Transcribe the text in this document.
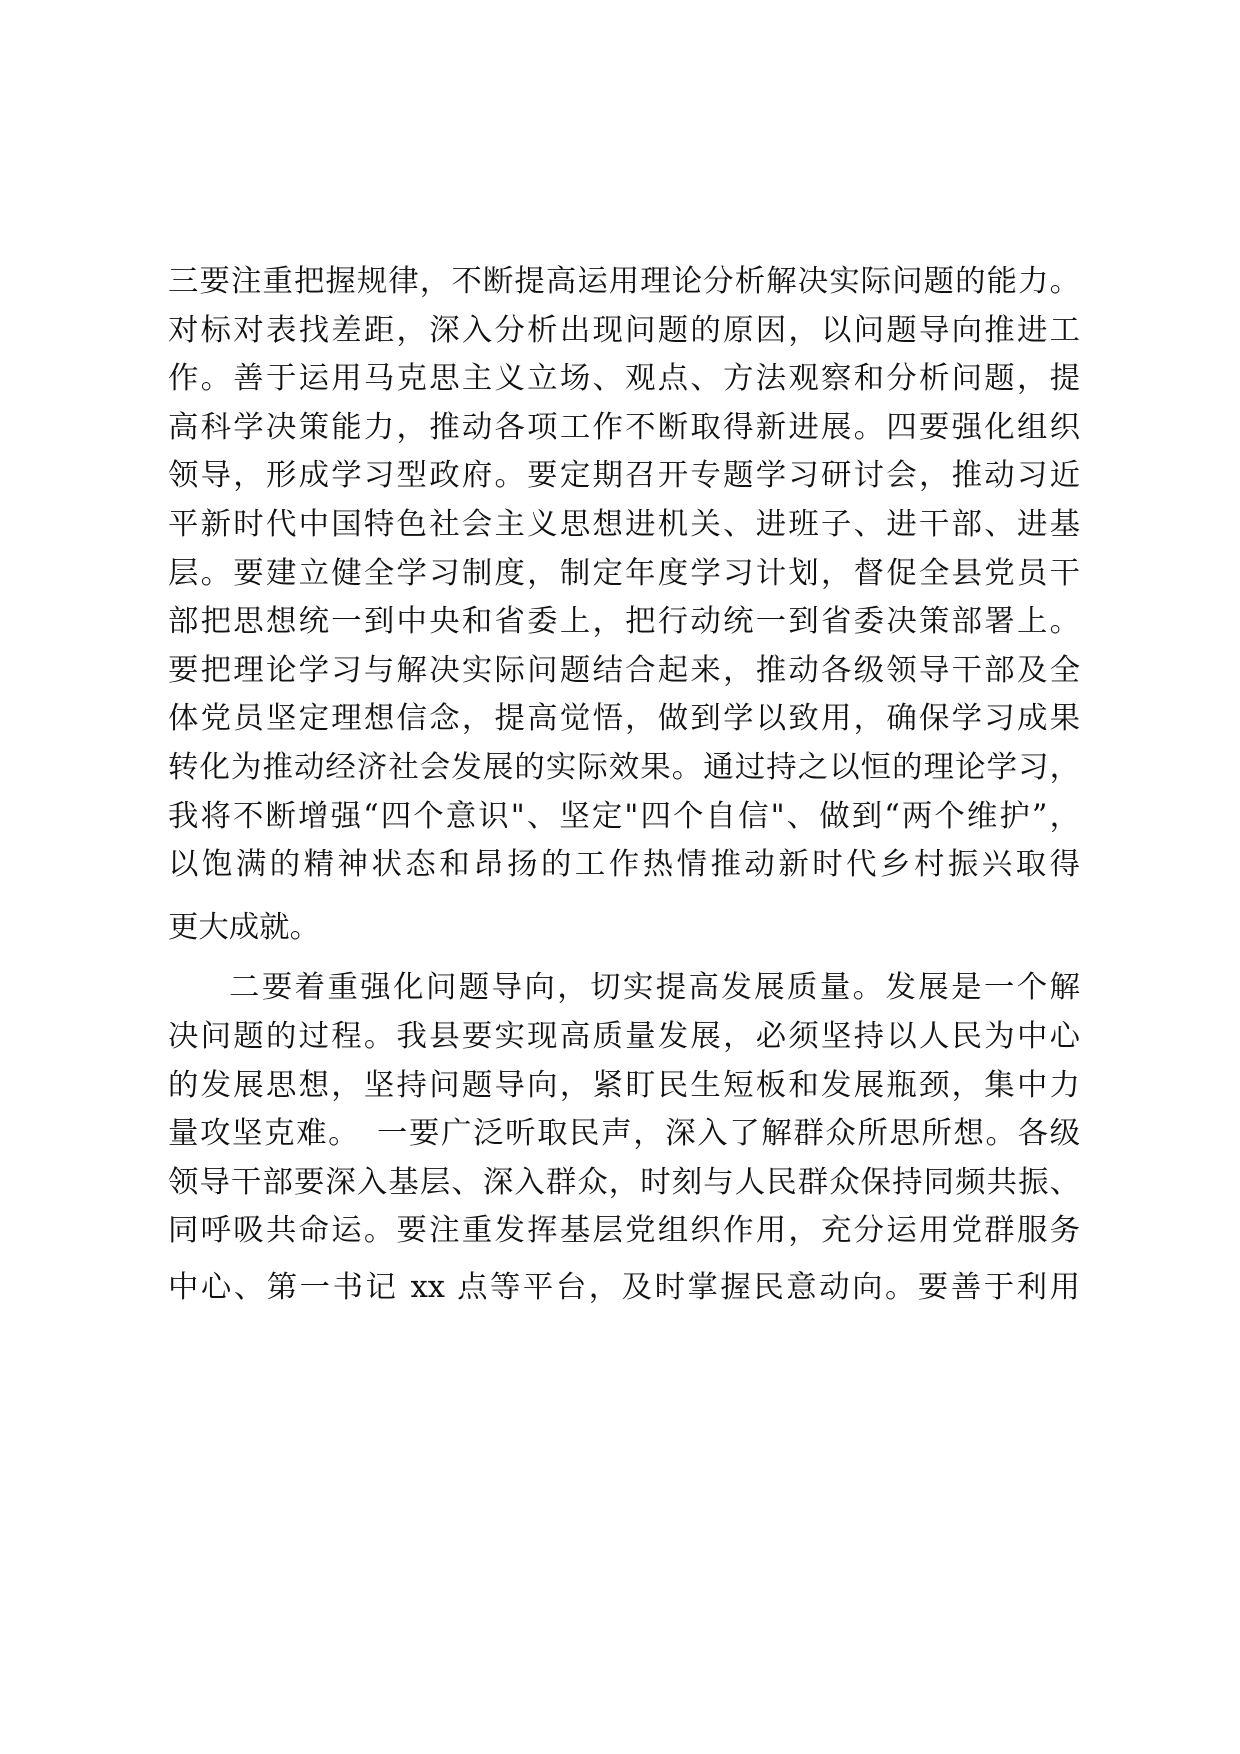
三要注重把握规律，不断提高运用理论分析解决实际问题的能力。
对标对表找差距，深入分析出现问题的原因，以问题导向推进工
作。善于运用马克思主义立场、观点、方法观察和分析问题，提
高科学决策能力，推动各项工作不断取得新进展。四要强化组织
领导，形成学习型政府。要定期召开专题学习研讨会，推动习近
平新时代中国特色社会主义思想进机关、进班子、进干部、进基
层。要建立健全学习制度，制定年度学习计划，督促全县党员干
部把思想统一到中央和省委上，把行动统一到省委决策部署上。
要把理论学习与解决实际问题结合起来，推动各级领导干部及全
体党员坚定理想信念，提高觉悟，做到学以致用，确保学习成果
转化为推动经济社会发展的实际效果。通过持之以恒的理论学习，
我将不断增强“四个意识"、坚定"四个自信"、做到“两个维护”，
以饱满的精神状态和昂扬的工作热情推动新时代乡村振兴取得
更大成就。
二要着重强化问题导向，切实提高发展质量。发展是一个解
决问题的过程。我县要实现高质量发展，必须坚持以人民为中心
的发展思想，坚持问题导向，紧盯民生短板和发展瓶颈，集中力
量攻坚克难。　一要广泛听取民声，深入了解群众所思所想。各级
领导干部要深入基层、深入群众，时刻与人民群众保持同频共振、
同呼吸共命运。要注重发挥基层党组织作用，充分运用党群服务
中心、第一书记 xx 点等平台，及时掌握民意动向。要善于利用
